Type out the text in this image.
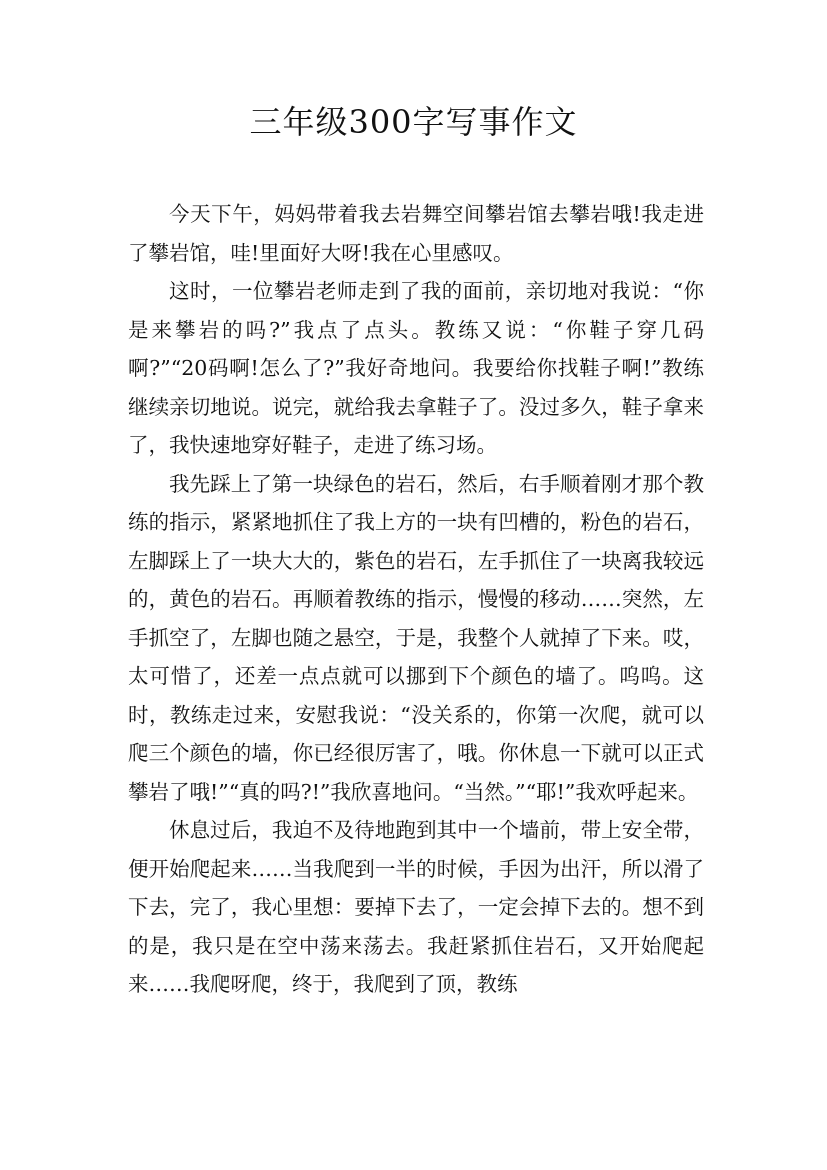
三年级300字写事作文

今天下午，妈妈带着我去岩舞空间攀岩馆去攀岩哦!我走进了攀岩馆，哇!里面好大呀!我在心里感叹。

这时，一位攀岩老师走到了我的面前，亲切地对我说：“你是来攀岩的吗?”我点了点头。教练又说：“你鞋子穿几码啊?”“20码啊!怎么了?”我好奇地问。我要给你找鞋子啊!”教练继续亲切地说。说完，就给我去拿鞋子了。没过多久，鞋子拿来了，我快速地穿好鞋子，走进了练习场。

我先踩上了第一块绿色的岩石，然后，右手顺着刚才那个教练的指示，紧紧地抓住了我上方的一块有凹槽的，粉色的岩石，左脚踩上了一块大大的，紫色的岩石，左手抓住了一块离我较远的，黄色的岩石。再顺着教练的指示，慢慢的移动……突然，左手抓空了，左脚也随之悬空，于是，我整个人就掉了下来。哎，太可惜了，还差一点点就可以挪到下个颜色的墙了。呜呜。这时，教练走过来，安慰我说：“没关系的，你第一次爬，就可以爬三个颜色的墙，你已经很厉害了，哦。你休息一下就可以正式攀岩了哦!”“真的吗?!”我欣喜地问。“当然。”“耶!”我欢呼起来。

休息过后，我迫不及待地跑到其中一个墙前，带上安全带，便开始爬起来……当我爬到一半的时候，手因为出汗，所以滑了下去，完了，我心里想：要掉下去了，一定会掉下去的。想不到的是，我只是在空中荡来荡去。我赶紧抓住岩石，又开始爬起来……我爬呀爬，终于，我爬到了顶，教练
